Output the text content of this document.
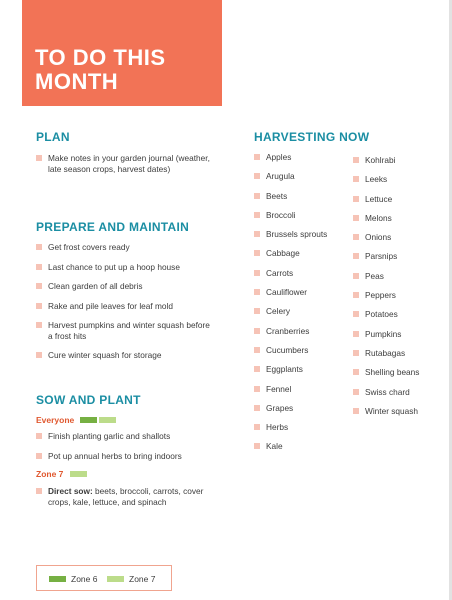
TO DO THIS MONTH
PLAN
Make notes in your garden journal (weather, late season crops, harvest dates)
PREPARE AND MAINTAIN
Get frost covers ready
Last chance to put up a hoop house
Clean garden of all debris
Rake and pile leaves for leaf mold
Harvest pumpkins and winter squash before a frost hits
Cure winter squash for storage
SOW AND PLANT
Everyone
Finish planting garlic and shallots
Pot up annual herbs to bring indoors
Zone 7
Direct sow: beets, broccoli, carrots, cover crops, kale, lettuce, and spinach
HARVESTING NOW
Apples
Arugula
Beets
Broccoli
Brussels sprouts
Cabbage
Carrots
Cauliflower
Celery
Cranberries
Cucumbers
Eggplants
Fennel
Grapes
Herbs
Kale
Kohlrabi
Leeks
Lettuce
Melons
Onions
Parsnips
Peas
Peppers
Potatoes
Pumpkins
Rutabagas
Shelling beans
Swiss chard
Winter squash
Zone 6	Zone 7
